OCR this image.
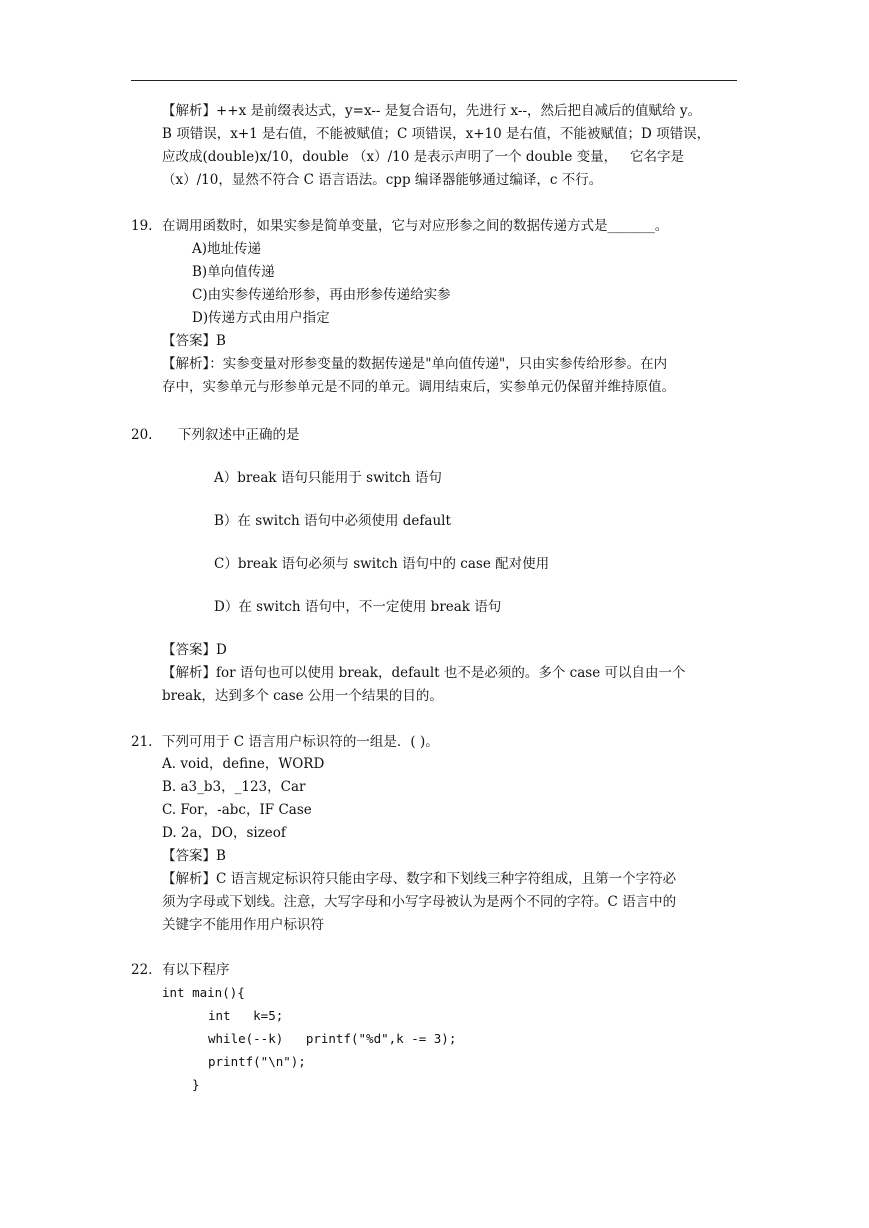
【解析】++x 是前缀表达式，y=x-- 是复合语句，先进行 x--，然后把自减后的值赋给 y。
B 项错误，x+1 是右值，不能被赋值；C 项错误，x+10 是右值，不能被赋值；D 项错误，
应改成(double)x/10，double （x）/10 是表示声明了一个 double 变量，   它名字是
（x）/10，显然不符合 C 语言语法。cpp 编译器能够通过编译，c 不行。
19. 在调用函数时，如果实参是简单变量，它与对应形参之间的数据传递方式是_______。
A)地址传递
B)单向值传递
C)由实参传递给形参，再由形参传递给实参
D)传递方式由用户指定
【答案】B
【解析】：实参变量对形参变量的数据传递是"单向值传递"，只由实参传给形参。在内
存中，实参单元与形参单元是不同的单元。调用结束后，实参单元仍保留并维持原值。
20. 下列叙述中正确的是
A）break 语句只能用于 switch 语句
B）在 switch 语句中必须使用 default
C）break 语句必须与 switch 语句中的 case 配对使用
D）在 switch 语句中，不一定使用 break 语句
【答案】D
【解析】for 语句也可以使用 break，default 也不是必须的。多个 case 可以自由一个
break，达到多个 case 公用一个结果的目的。
21. 下列可用于 C 语言用户标识符的一组是．( )。
A. void，define，WORD
B. a3_b3，_123，Car
C. For，-abc，IF Case
D. 2a，DO，sizeof
【答案】B
【解析】C 语言规定标识符只能由字母、数字和下划线三种字符组成，且第一个字符必
须为字母或下划线。注意，大写字母和小写字母被认为是两个不同的字符。C 语言中的
关键字不能用作用户标识符
22. 有以下程序
int main(){
int   k=5;
while(--k)   printf("%d",k -= 3);
printf("\n");
}
